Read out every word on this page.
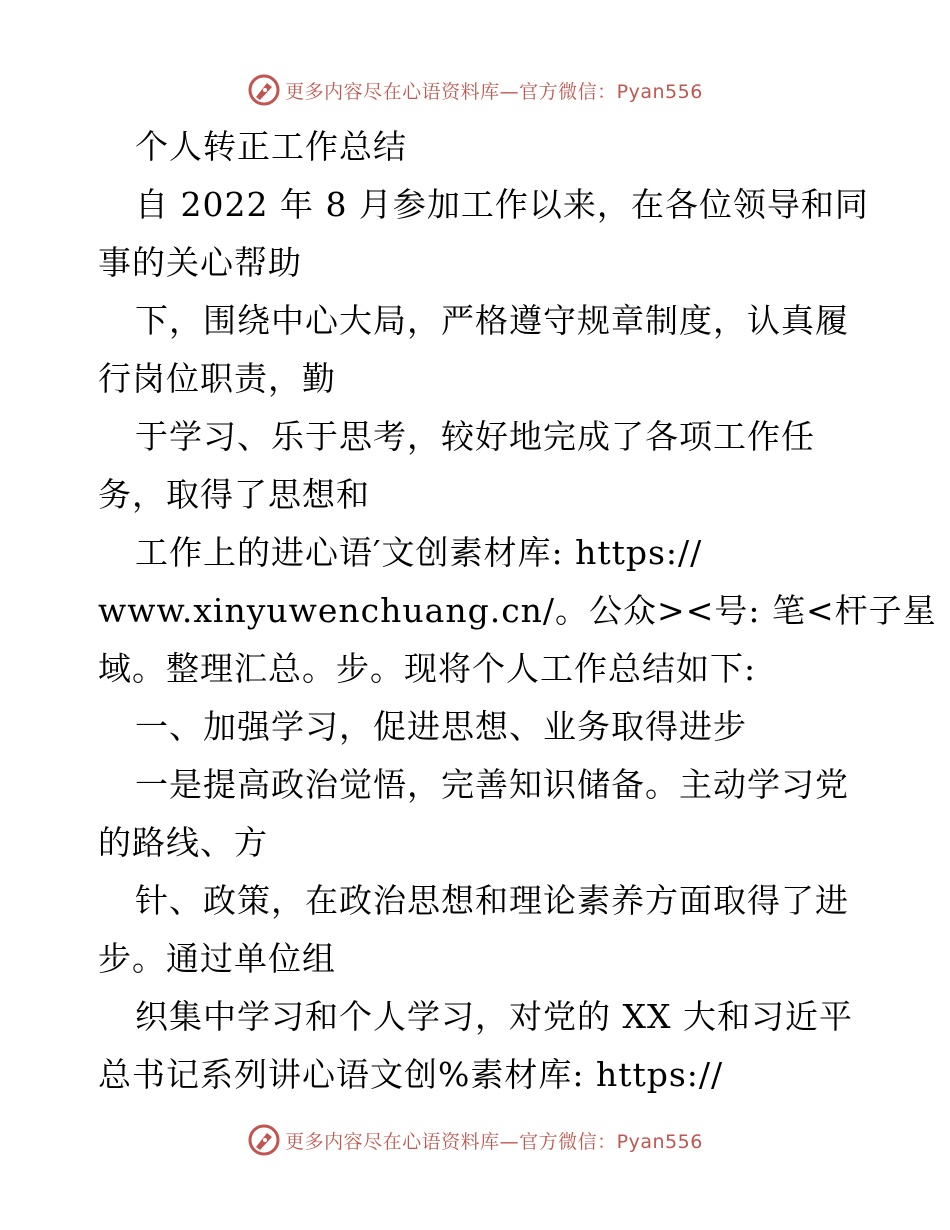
更多内容尽在心语资料库—官方微信：Pyan556
个人转正工作总结
自 2022 年 8 月参加工作以来，在各位领导和同
事的关心帮助
下，围绕中心大局，严格遵守规章制度，认真履
行岗位职责，勤
于学习、乐于思考，较好地完成了各项工作任
务，取得了思想和
工作上的进心语′文创素材库: https://
www.xinyuwenchuang.cn/。公众><号: 笔<杆子星
域。整理汇总。步。现将个人工作总结如下:
一、加强学习，促进思想、业务取得进步
一是提高政治觉悟，完善知识储备。主动学习党
的路线、方
针、政策，在政治思想和理论素养方面取得了进
步。通过单位组
织集中学习和个人学习，对党的 XX 大和习近平
总书记系列讲心语文创%素材库: https://
更多内容尽在心语资料库—官方微信：Pyan556
